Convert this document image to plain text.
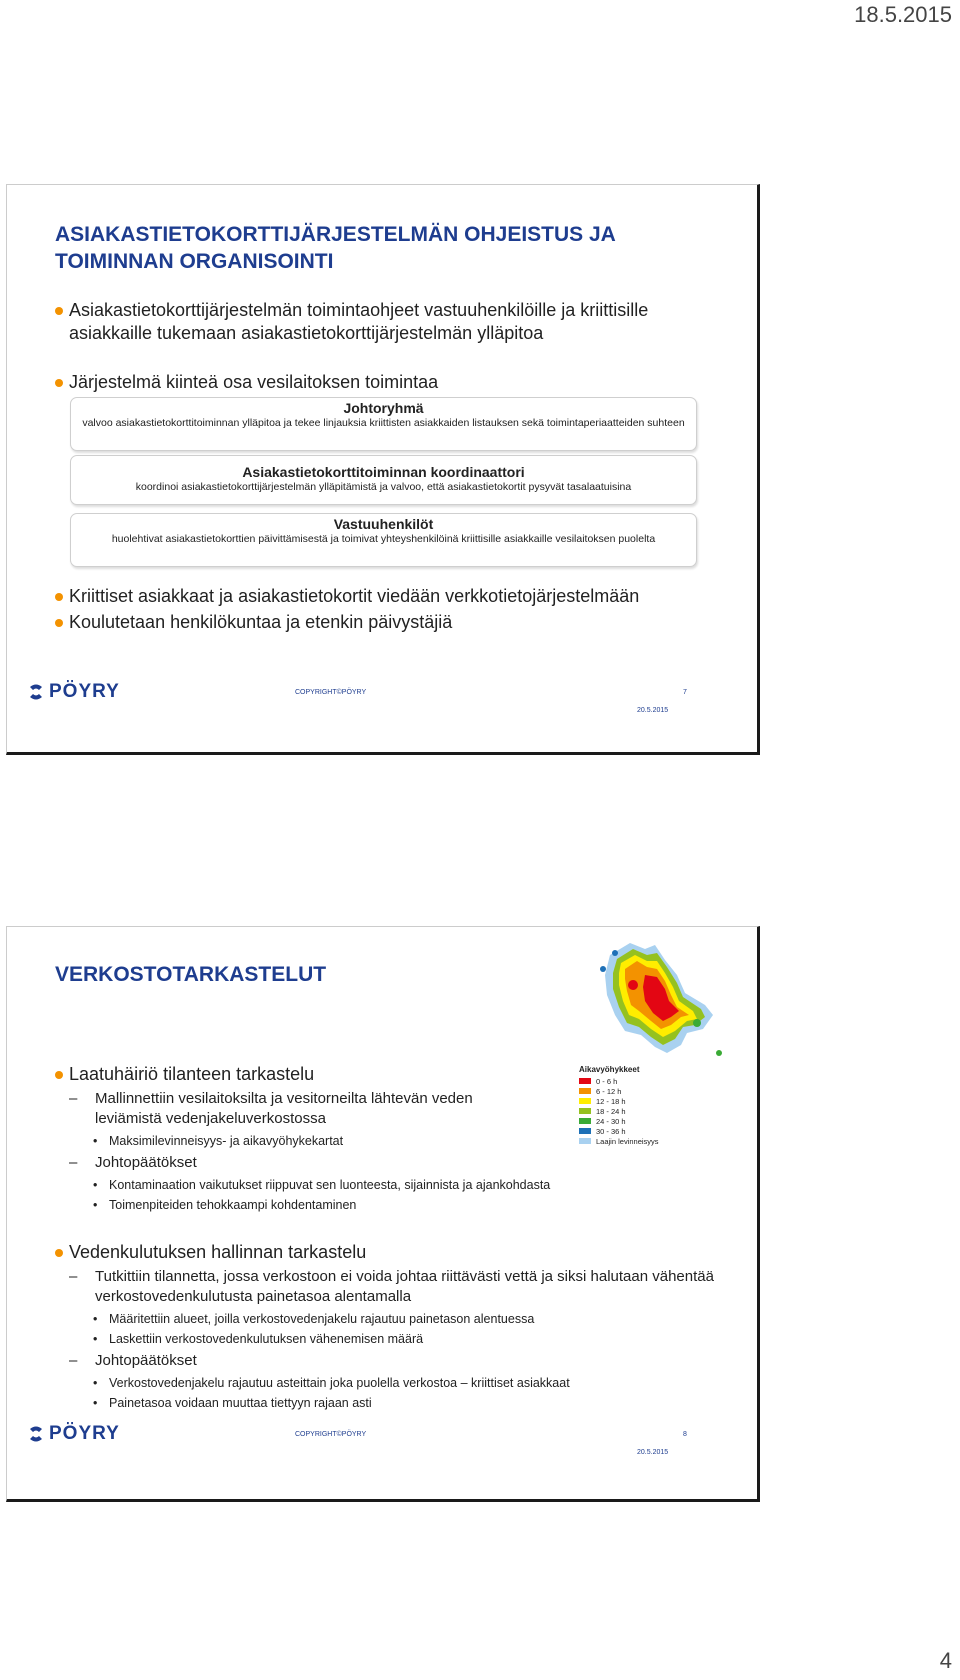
18.5.2015
ASIAKASTIETOKORTTIJÄRJESTELMÄN OHJEISTUS JA TOIMINNAN ORGANISOINTI
Asiakastietokorttijärjestelmän toimintaohjeet vastuuhenkilöille ja kriittisille asiakkaille tukemaan asiakastietokorttijärjestelmän ylläpitoa
Järjestelmä kiinteä osa vesilaitoksen toimintaa
Johtoryhmä
valvoo asiakastietokorttitoiminnan ylläpitoa ja tekee linjauksia kriittisten asiakkaiden listauksen sekä toimintaperiaatteiden suhteen
Asiakastietokorttitoiminnan koordinaattori
koordinoi asiakastietokorttijärjestelmän ylläpitämistä ja valvoo, että asiakastietokortit pysyvät tasalaatuisina
Vastuuhenkilöt
huolehtivat asiakastietokorttien päivittämisestä ja toimivat yhteyshenkilöinä kriittisille asiakkaille vesilaitoksen puolelta
Kriittiset asiakkaat ja asiakastietokortit viedään verkkotietojärjestelmään
Koulutetaan henkilökuntaa ja etenkin päivystäjiä
PÖYRY	COPYRIGHT©PÖYRY
20.5.2015
7
VERKOSTOTARKASTELUT
Aikavyöhykkeet
0 - 6 h
6 - 12 h
12 - 18 h
18 - 24 h
24 - 30 h
30 - 36 h
Laajin levinneisyys
Laatuhäiriö tilanteen tarkastelu
–	Mallinnettiin vesilaitoksilta ja vesitorneilta lähtevän veden leviämistä vedenjakeluverkostossa
• Maksimilevinneisyys- ja aikavyöhykekartat
–	Johtopäätökset
• Kontaminaation vaikutukset riippuvat sen luonteesta, sijainnista ja ajankohdasta
• Toimenpiteiden tehokkaampi kohdentaminen
Vedenkulutuksen hallinnan tarkastelu
–	Tutkittiin tilannetta, jossa verkostoon ei voida johtaa riittävästi vettä ja siksi halutaan vähentää verkostovedenkulutusta painetasoa alentamalla
• Määritettiin alueet, joilla verkostovedenjakelu rajautuu painetason alentuessa
• Laskettiin verkostovedenkulutuksen vähenemisen määrä
–	Johtopäätökset
• Verkostovedenjakelu rajautuu asteittain joka puolella verkostoa – kriittiset asiakkaat
• Painetasoa voidaan muuttaa tiettyyn rajaan asti
PÖYRY	COPYRIGHT©PÖYRY
20.5.2015
8
4
